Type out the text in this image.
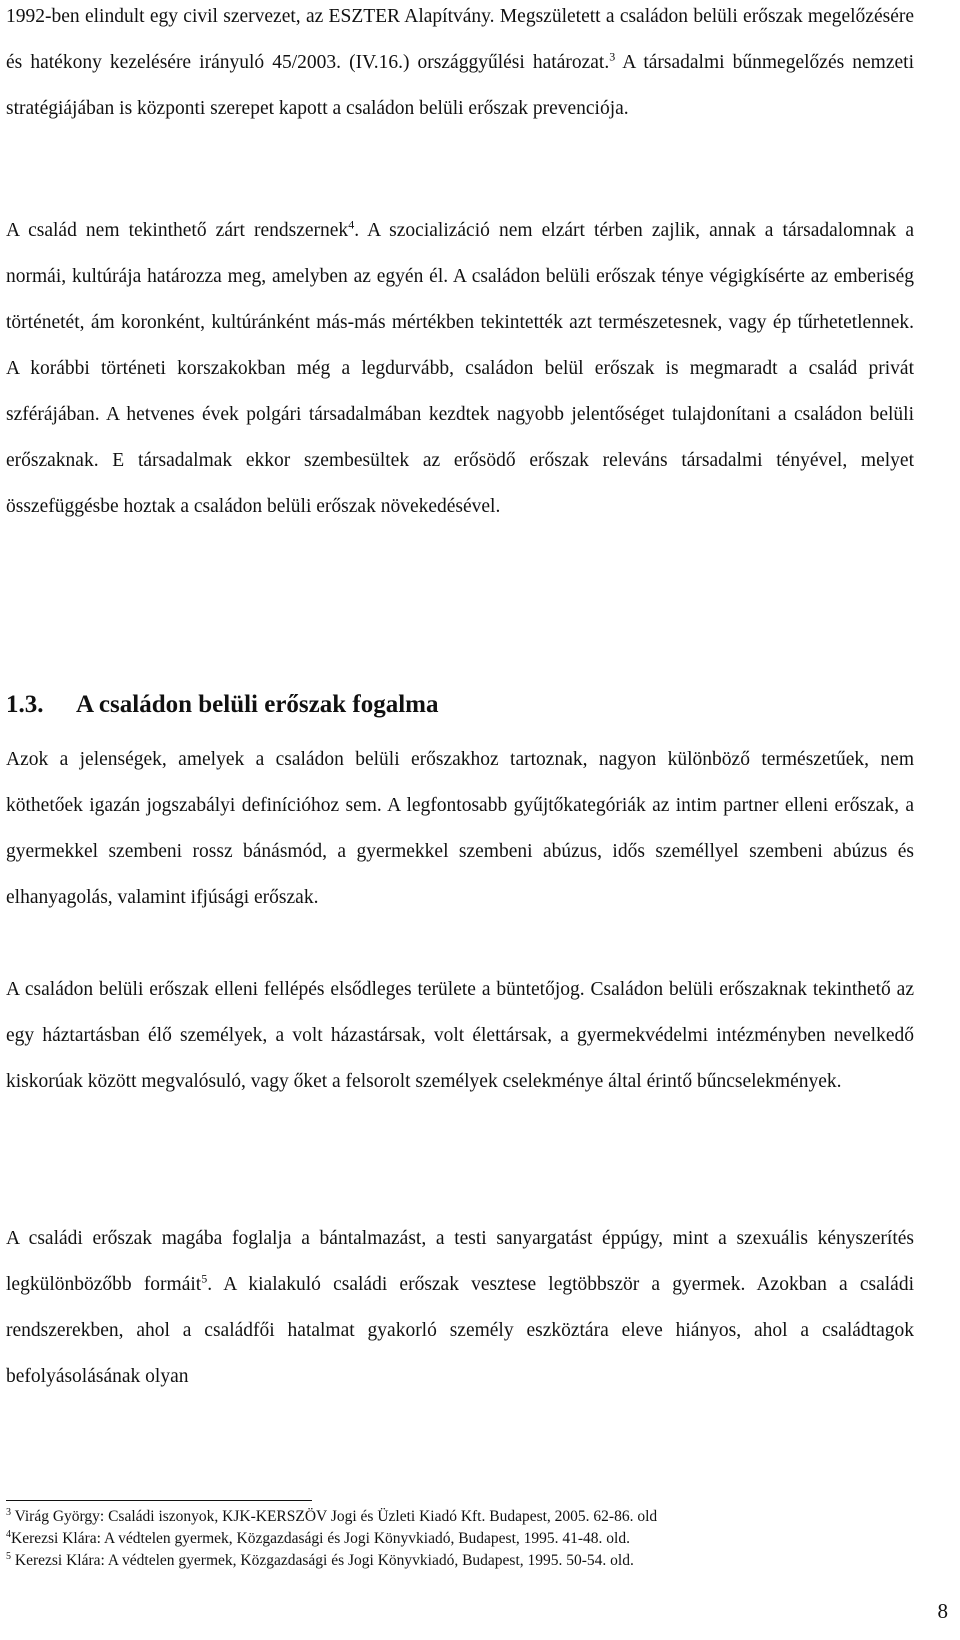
1992-ben elindult egy civil szervezet, az ESZTER Alapítvány. Megszületett a családon belüli erőszak megelőzésére és hatékony kezelésére irányuló 45/2003. (IV.16.) országgyűlési határozat.$^3$ A társadalmi bűnmegelőzés nemzeti stratégiájában is központi szerepet kapott a családon belüli erőszak prevenciója.

A család nem tekinthető zárt rendszernek$^4$. A szocializáció nem elzárt térben zajlik, annak a társadalomnak a normái, kultúrája határozza meg, amelyben az egyén él. A családon belüli erőszak ténye végigkísérte az emberiség történetét, ám koronként, kultúránként más-más mértékben tekintették azt természetesnek, vagy ép tűrhetetlennek. A korábbi történeti korszakokban még a legdurvább, családon belül erőszak is megmaradt a család privát szférájában. A hetvenes évek polgári társadalmában kezdtek nagyobb jelentőséget tulajdonítani a családon belüli erőszaknak. E társadalmak ekkor szembesültek az erősödő erőszak releváns társadalmi tényével, melyet összefüggésbe hoztak a családon belüli erőszak növekedésével.

1.3. A családon belüli erőszak fogalma

Azok a jelenségek, amelyek a családon belüli erőszakhoz tartoznak, nagyon különböző természetűek, nem köthetőek igazán jogszabályi definícióhoz sem. A legfontosabb gyűjtőkategóriák az intim partner elleni erőszak, a gyermekkel szembeni rossz bánásmód, a gyermekkel szembeni abúzus, idős személlyel szembeni abúzus és elhanyagolás, valamint ifjúsági erőszak.

A családon belüli erőszak elleni fellépés elsődleges területe a büntetőjog. Családon belüli erőszaknak tekinthető az egy háztartásban élő személyek, a volt házastársak, volt élettársak, a gyermekvédelmi intézményben nevelkedő kiskorúak között megvalósuló, vagy őket a felsorolt személyek cselekménye által érintő bűncselekmények.

A családi erőszak magába foglalja a bántalmazást, a testi sanyargatást éppúgy, mint a szexuális kényszerítés legkülönbözőbb formáit$^5$. A kialakuló családi erőszak vesztese legtöbbször a gyermek. Azokban a családi rendszerekben, ahol a családfői hatalmat gyakorló személy eszköztára eleve hiányos, ahol a családtagok befolyásolásának olyan

$^3$ Virág György: Családi iszonyok, KJK-KERSZÖV Jogi és Üzleti Kiadó Kft. Budapest, 2005. 62-86. old

$^4$Kerezsi Klára: A védtelen gyermek, Közgazdasági és Jogi Könyvkiadó, Budapest, 1995. 41-48. old.

$^5$ Kerezsi Klára: A védtelen gyermek, Közgazdasági és Jogi Könyvkiadó, Budapest, 1995. 50-54. old.

8
